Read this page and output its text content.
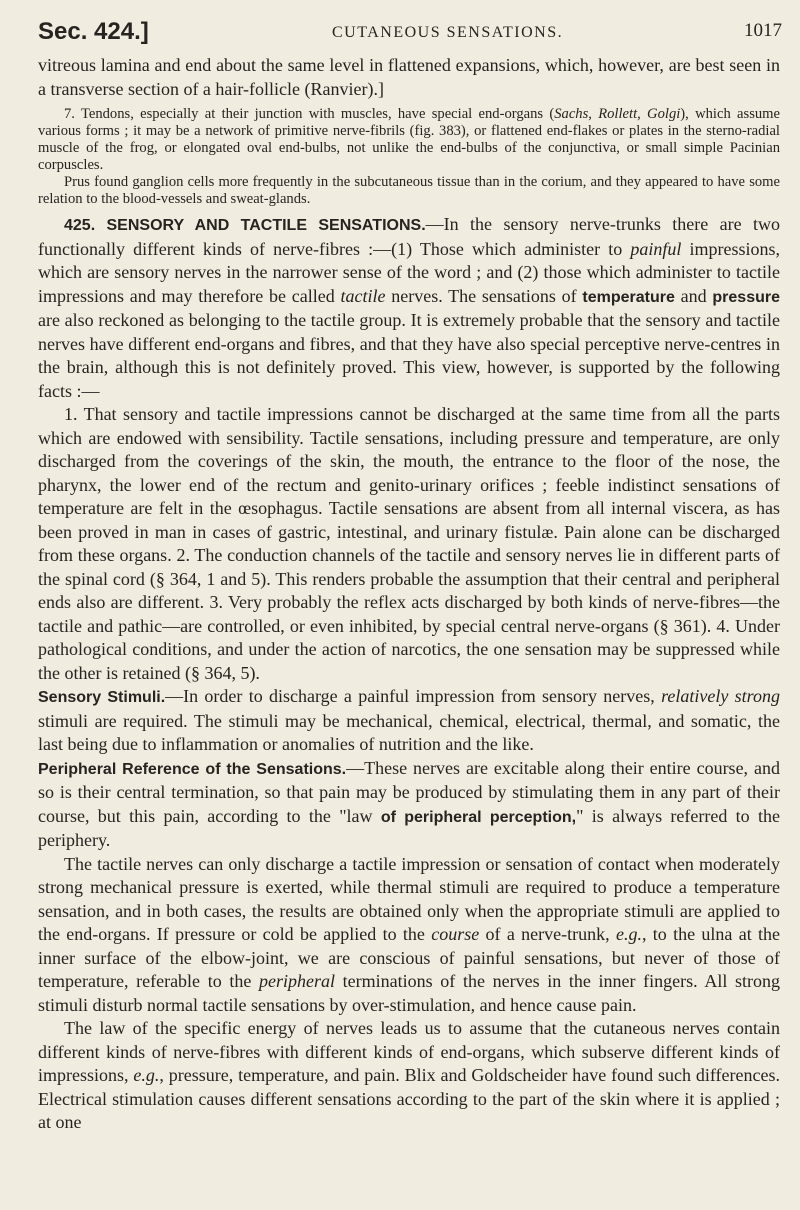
Sec. 424.]	CUTANEOUS SENSATIONS.	1017

vitreous lamina and end about the same level in flattened expansions, which, however, are best seen in a transverse section of a hair-follicle (Ranvier).]

7. Tendons, especially at their junction with muscles, have special end-organs (Sachs, Rollett, Golgi), which assume various forms ; it may be a network of primitive nerve-fibrils (fig. 383), or flattened end-flakes or plates in the sterno-radial muscle of the frog, or elongated oval end-bulbs, not unlike the end-bulbs of the conjunctiva, or small simple Pacinian corpuscles.

Prus found ganglion cells more frequently in the subcutaneous tissue than in the corium, and they appeared to have some relation to the blood-vessels and sweat-glands.

425. SENSORY AND TACTILE SENSATIONS.—In the sensory nerve-trunks there are two functionally different kinds of nerve-fibres :—(1) Those which administer to painful impressions, which are sensory nerves in the narrower sense of the word ; and (2) those which administer to tactile impressions and may therefore be called tactile nerves. The sensations of temperature and pressure are also reckoned as belonging to the tactile group. It is extremely probable that the sensory and tactile nerves have different end-organs and fibres, and that they have also special perceptive nerve-centres in the brain, although this is not definitely proved. This view, however, is supported by the following facts :—

1. That sensory and tactile impressions cannot be discharged at the same time from all the parts which are endowed with sensibility. Tactile sensations, including pressure and temperature, are only discharged from the coverings of the skin, the mouth, the entrance to the floor of the nose, the pharynx, the lower end of the rectum and genito-urinary orifices ; feeble indistinct sensations of temperature are felt in the œsophagus. Tactile sensations are absent from all internal viscera, as has been proved in man in cases of gastric, intestinal, and urinary fistulæ. Pain alone can be discharged from these organs. 2. The conduction channels of the tactile and sensory nerves lie in different parts of the spinal cord (§ 364, 1 and 5). This renders probable the assumption that their central and peripheral ends also are different. 3. Very probably the reflex acts discharged by both kinds of nerve-fibres—the tactile and pathic—are controlled, or even inhibited, by special central nerve-organs (§ 361). 4. Under pathological conditions, and under the action of narcotics, the one sensation may be suppressed while the other is retained (§ 364, 5).

Sensory Stimuli.—In order to discharge a painful impression from sensory nerves, relatively strong stimuli are required. The stimuli may be mechanical, chemical, electrical, thermal, and somatic, the last being due to inflammation or anomalies of nutrition and the like.

Peripheral Reference of the Sensations.—These nerves are excitable along their entire course, and so is their central termination, so that pain may be produced by stimulating them in any part of their course, but this pain, according to the "law of peripheral perception," is always referred to the periphery.

The tactile nerves can only discharge a tactile impression or sensation of contact when moderately strong mechanical pressure is exerted, while thermal stimuli are required to produce a temperature sensation, and in both cases, the results are obtained only when the appropriate stimuli are applied to the end-organs. If pressure or cold be applied to the course of a nerve-trunk, e.g., to the ulna at the inner surface of the elbow-joint, we are conscious of painful sensations, but never of those of temperature, referable to the peripheral terminations of the nerves in the inner fingers. All strong stimuli disturb normal tactile sensations by over-stimulation, and hence cause pain.

The law of the specific energy of nerves leads us to assume that the cutaneous nerves contain different kinds of nerve-fibres with different kinds of end-organs, which subserve different kinds of impressions, e.g., pressure, temperature, and pain. Blix and Goldscheider have found such differences. Electrical stimulation causes different sensations according to the part of the skin where it is applied ; at one
